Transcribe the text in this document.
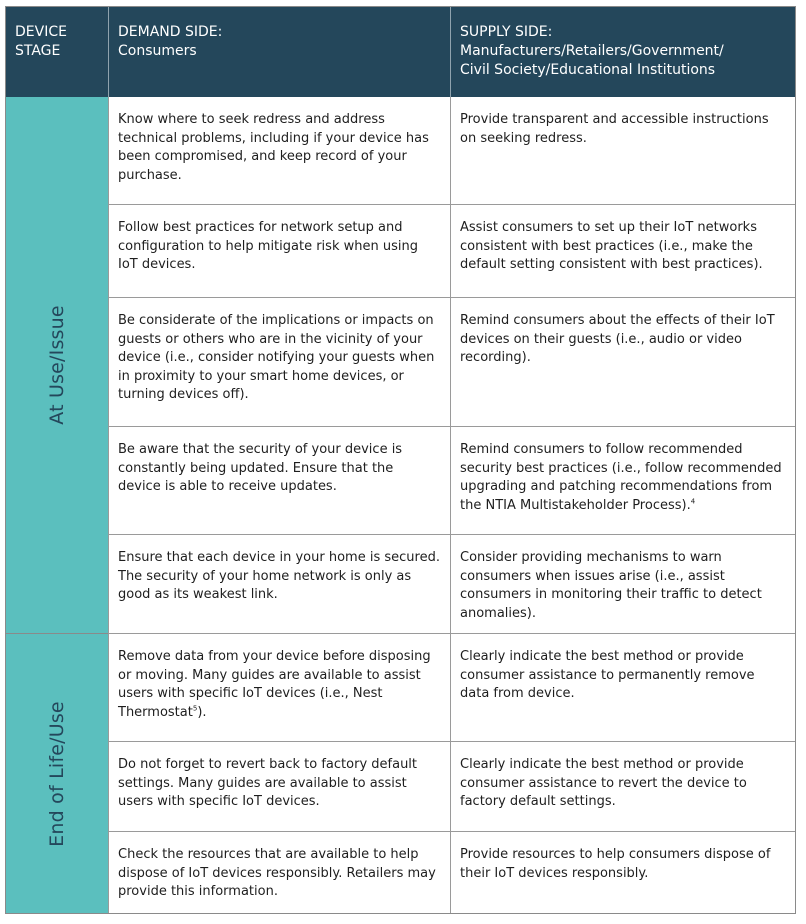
DEVICE
STAGE
DEMAND SIDE:
Consumers
SUPPLY SIDE:
Manufacturers/Retailers/Government/
Civil Society/Educational Institutions
At Use/Issue
End of Life/Use
Know where to seek redress and address technical problems, including if your device has been compromised, and keep record of your purchase.
Provide transparent and accessible instructions on seeking redress.
Follow best practices for network setup and configuration to help mitigate risk when using IoT devices.
Assist consumers to set up their IoT networks consistent with best practices (i.e., make the default setting consistent with best practices).
Be considerate of the implications or impacts on guests or others who are in the vicinity of your device (i.e., consider notifying your guests when in proximity to your smart home devices, or turning devices off).
Remind consumers about the effects of their IoT devices on their guests (i.e., audio or video recording).
Be aware that the security of your device is constantly being updated. Ensure that the device is able to receive updates.
Remind consumers to follow recommended security best practices (i.e., follow recommended upgrading and patching recommendations from the NTIA Multistakeholder Process).$^4$
Ensure that each device in your home is secured. The security of your home network is only as good as its weakest link.
Consider providing mechanisms to warn consumers when issues arise (i.e., assist consumers in monitoring their traffic to detect anomalies).
Remove data from your device before disposing or moving. Many guides are available to assist users with specific IoT devices (i.e., Nest Thermostat$^5$).
Clearly indicate the best method or provide consumer assistance to permanently remove data from device.
Do not forget to revert back to factory default settings. Many guides are available to assist users with specific IoT devices.
Clearly indicate the best method or provide consumer assistance to revert the device to factory default settings.
Check the resources that are available to help dispose of IoT devices responsibly. Retailers may provide this information.
Provide resources to help consumers dispose of their IoT devices responsibly.
